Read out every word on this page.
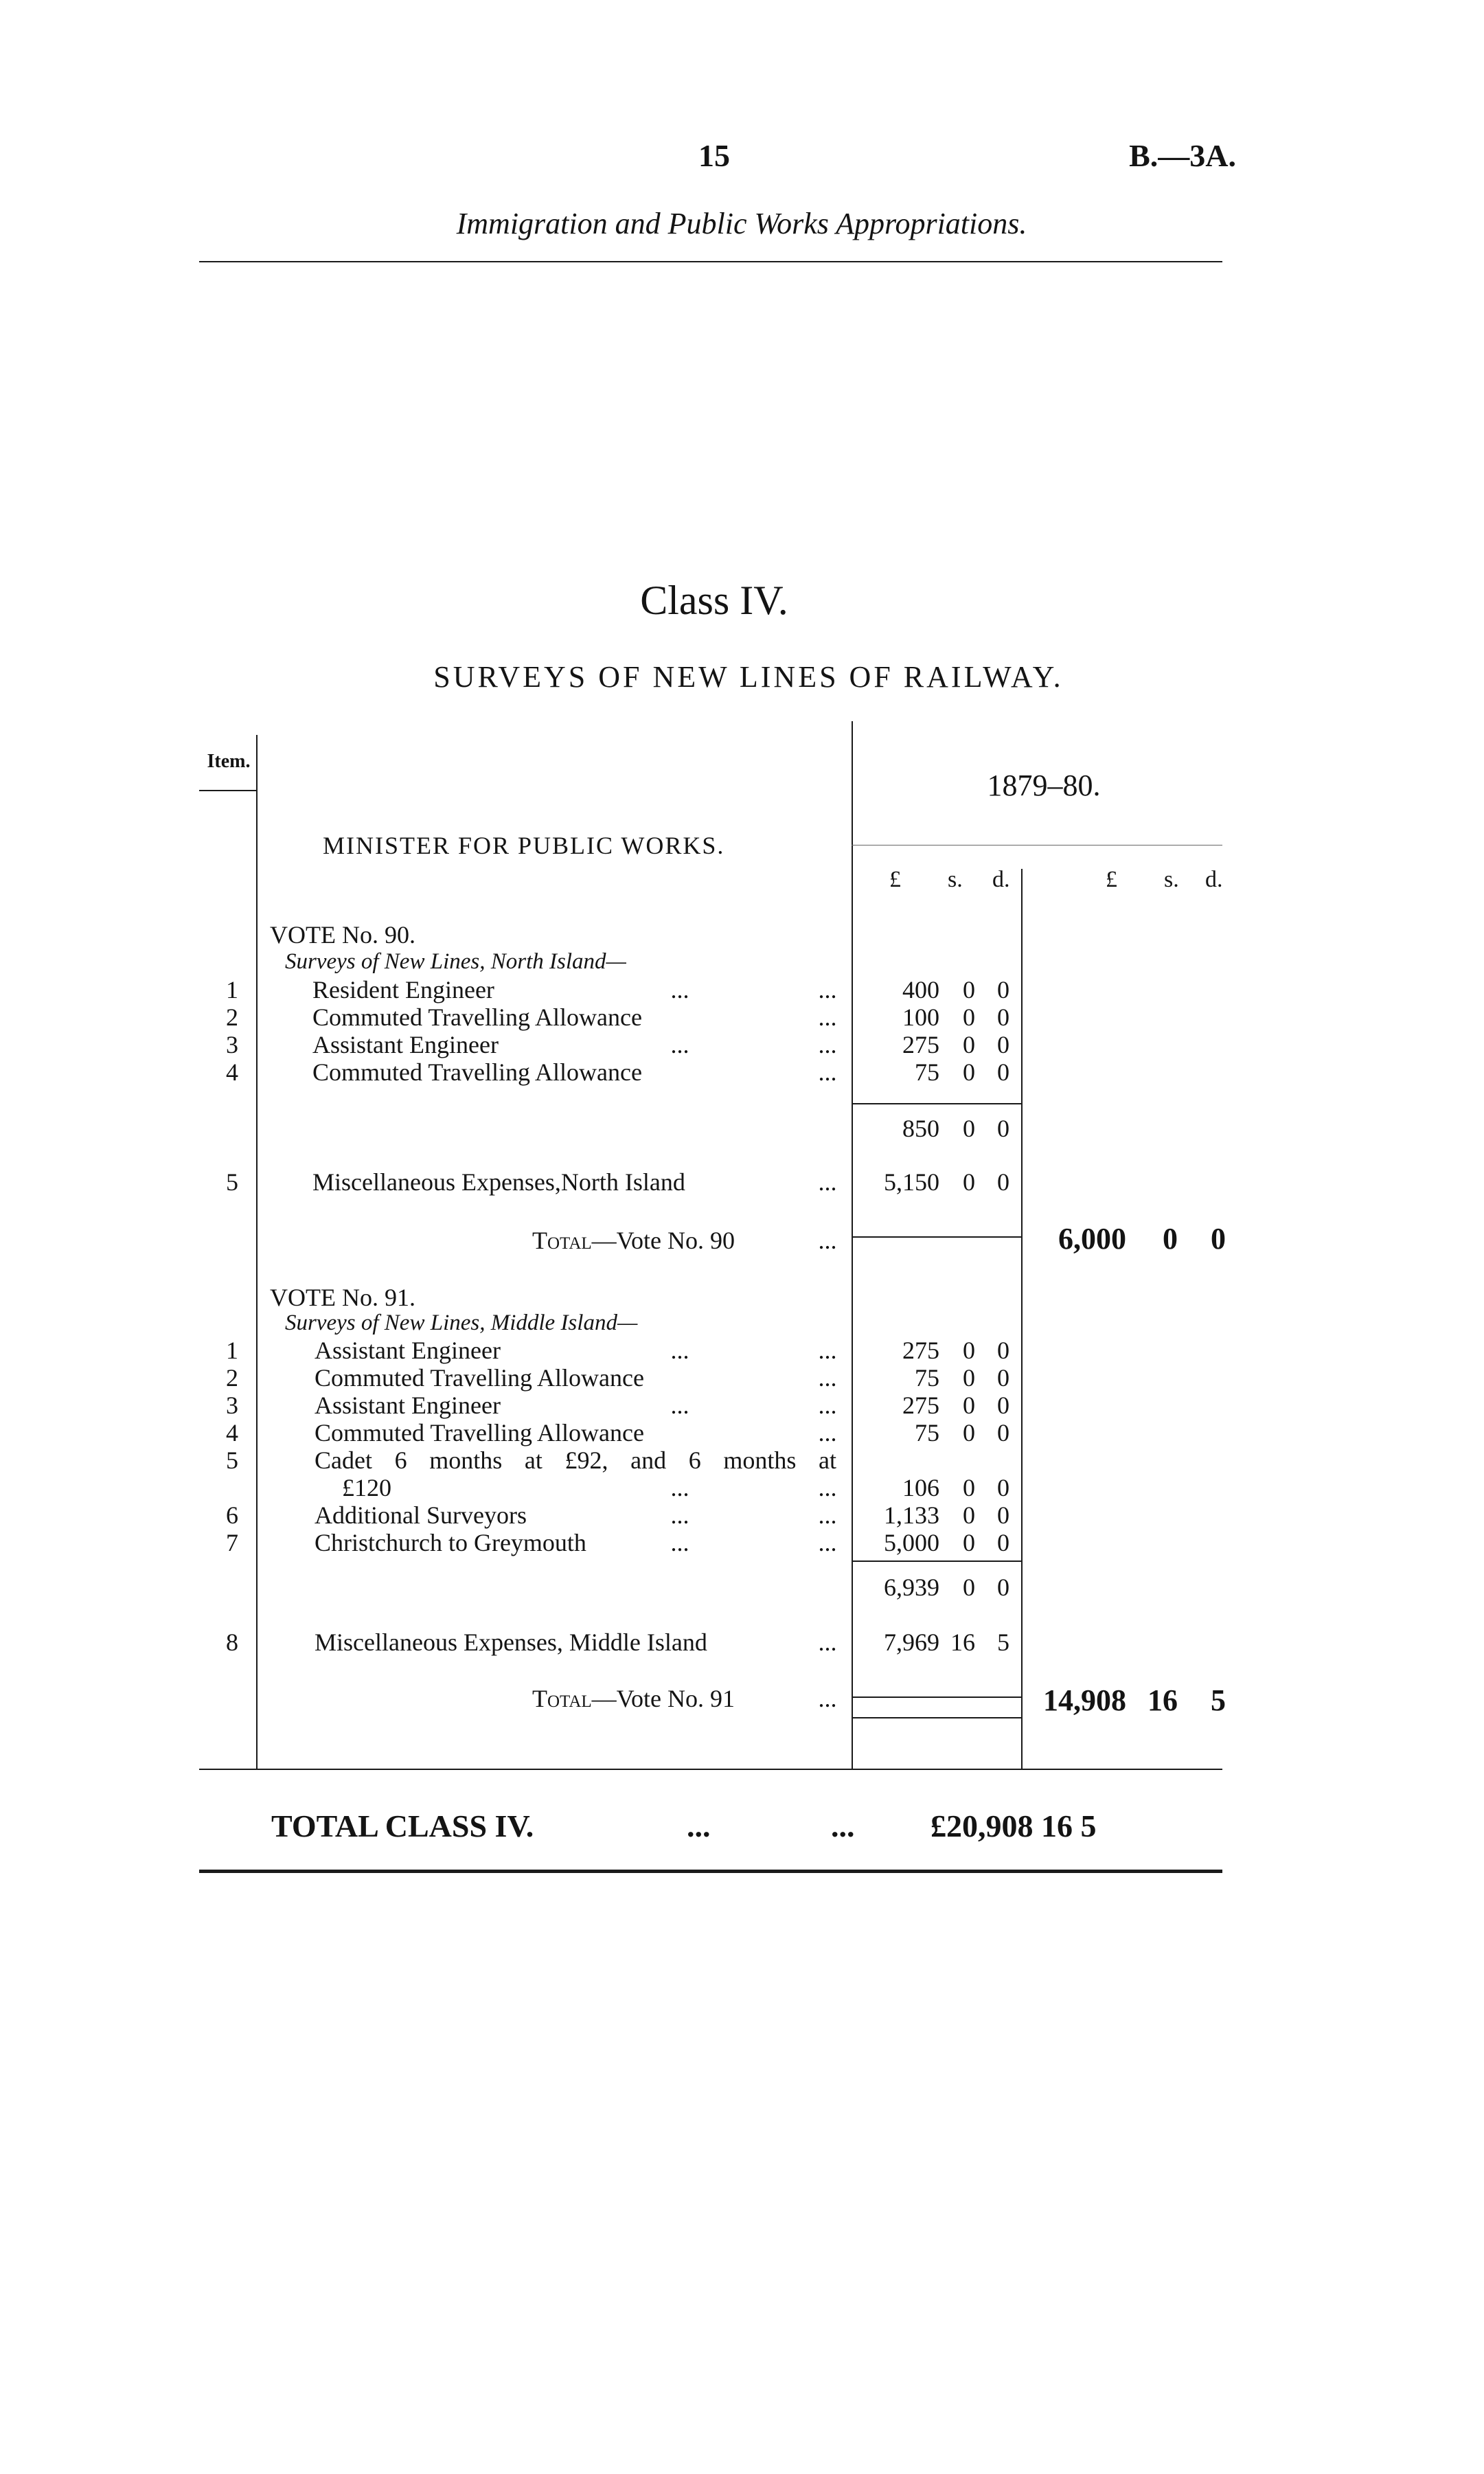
15	B.—3A.
Immigration and Public Works Appropriations.
Class IV.
SURVEYS OF NEW LINES OF RAILWAY.
Item.
1879–80.
MINISTER FOR PUBLIC WORKS.
£ s. d.	£ s. d.
VOTE No. 90.
Surveys of New Lines, North Island—
1	Resident Engineer	...	...	400 0 0
2	Commuted Travelling Allowance	...	100 0 0
3	Assistant Engineer	...	...	275 0 0
4	Commuted Travelling Allowance	...	75 0 0
850 0 0
5	Miscellaneous Expenses,North Island	...	5,150 0 0
Total—Vote No. 90	...	6,000	0	0
VOTE No. 91.
Surveys of New Lines, Middle Island—
1	Assistant Engineer	...	...	275 0 0
2	Commuted Travelling Allowance	...	75 0 0
3	Assistant Engineer	...	...	275 0 0
4	Commuted Travelling Allowance	...	75 0 0
5	Cadet 6 months at £92, and 6 months at
£120	...	...	106 0 0
6	Additional Surveyors	...	...	1,133 0 0
7	Christchurch to Greymouth	...	...	5,000 0 0
6,939 0 0
8	Miscellaneous Expenses, Middle Island	...	7,969 16 5
Total—Vote No. 91	...	14,908 16	5
TOTAL CLASS IV.	...	... £20,908 16 5
